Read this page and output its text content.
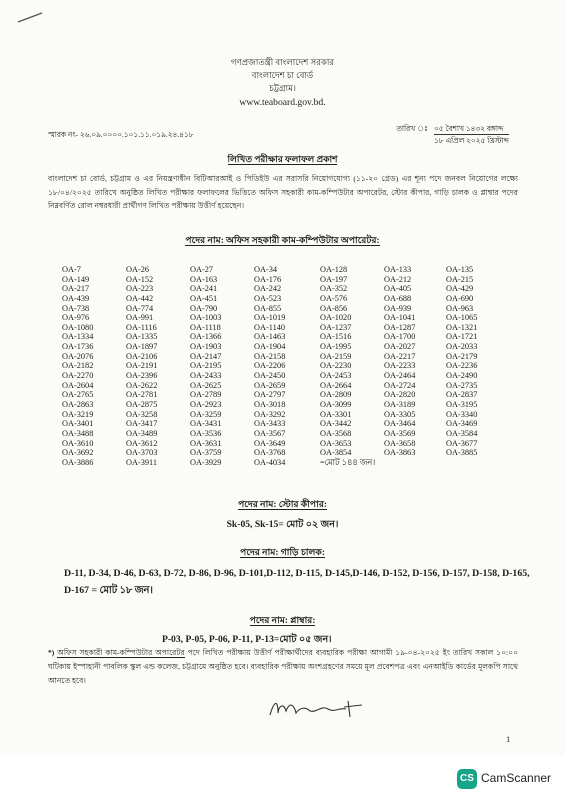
গণপ্রজাতন্ত্রী বাংলাদেশ সরকার
বাংলাদেশ চা বোর্ড
চট্টগ্রাম।
www.teaboard.gov.bd.
স্মারক নং- ২৬.০৯.০০০০.১০১.১১.০১৯.২৪.৪১৮
তারিখ ঃ ০৫ বৈশাখ ১৪৩২ বঙ্গাব্দ
১৮ এপ্রিল ২০২৫ খ্রিস্টাব্দ
লিখিত পরীক্ষার ফলাফল প্রকাশ
বাংলাদেশ চা বোর্ড, চট্টগ্রাম ও এর নিয়ন্ত্রণাধীন বিটিআরআই ও পিডিইউ এর সরাসরি নিয়োগযোগ্য (১১-২০ গ্রেড) এর শূন্য পদে জনবল নিয়োগের লক্ষ্যে ১৮/০৪/২০২৫ তারিখে অনুষ্ঠিত লিখিত পরীক্ষার ফলাফলের ভিত্তিতে অফিস সহকারী কাম-কম্পিউটার অপারেটর, স্টোর কীপার, গাড়ি চালক ও প্লাম্বার পদের নিম্নবর্ণিত রোল নম্বরধারী প্রার্থীগণ লিখিত পরীক্ষায় উত্তীর্ণ হয়েছেন।
পদের নাম: অফিস সহকারী কাম-কম্পিউটার অপারেটর:
OA-7
OA-149
OA-217
OA-439
OA-738
OA-976
OA-1080
OA-1334
OA-1736
OA-2076
OA-2182
OA-2270
OA-2604
OA-2765
OA-2863
OA-3219
OA-3401
OA-3488
OA-3610
OA-3692
OA-3886
OA-26
OA-152
OA-223
OA-442
OA-774
OA-991
OA-1116
OA-1335
OA-1897
OA-2106
OA-2191
OA-2396
OA-2622
OA-2781
OA-2875
OA-3258
OA-3417
OA-3489
OA-3612
OA-3703
OA-3911
OA-27
OA-163
OA-241
OA-451
OA-790
OA-1003
OA-1118
OA-1366
OA-1903
OA-2147
OA-2195
OA-2433
OA-2625
OA-2789
OA-2923
OA-3259
OA-3431
OA-3536
OA-3631
OA-3759
OA-3929
OA-34
OA-176
OA-242
OA-523
OA-855
OA-1019
OA-1140
OA-1463
OA-1904
OA-2158
OA-2206
OA-2450
OA-2659
OA-2797
OA-3018
OA-3292
OA-3433
OA-3567
OA-3649
OA-3768
OA-4034
OA-128
OA-197
OA-352
OA-576
OA-856
OA-1020
OA-1237
OA-1516
OA-1995
OA-2159
OA-2230
OA-2453
OA-2664
OA-2809
OA-3099
OA-3301
OA-3442
OA-3568
OA-3653
OA-3854
=মোট ১৪৪ জন।
OA-133
OA-212
OA-405
OA-688
OA-939
OA-1041
OA-1287
OA-1700
OA-2027
OA-2217
OA-2233
OA-2464
OA-2724
OA-2820
OA-3189
OA-3305
OA-3464
OA-3569
OA-3658
OA-3863
OA-135
OA-215
OA-429
OA-690
OA-963
OA-1065
OA-1321
OA-1721
OA-2033
OA-2179
OA-2236
OA-2490
OA-2735
OA-2837
OA-3195
OA-3340
OA-3469
OA-3584
OA-3677
OA-3885
পদের নাম: স্টোর কীপার:
Sk-05, Sk-15= মোট ০২ জন।
পদের নাম: গাড়ি চালক:
D-11, D-34, D-46, D-63, D-72, D-86, D-96, D-101,D-112, D-115, D-145,D-146, D-152, D-156, D-157, D-158, D-165, D-167 = মোট ১৮ জন।
পদের নাম: প্লাম্বার:
P-03, P-05, P-06, P-11, P-13=মোট ০৫ জন।
*) অফিস সহকারী কাম-কম্পিউটার অপারেটর পদে লিখিত পরীক্ষায় উত্তীর্ণ পরীক্ষার্থীদের ব্যবহারিক পরীক্ষা আগামী ১৯-০৪-২০২৫ ইং তারিখ সকাল ১০:০০ ঘটিকায় ইস্পাহানী পাবলিক স্কুল এন্ড কলেজ, চট্টগ্রামে অনুষ্ঠিত হবে। ব্যবহারিক পরীক্ষায় অংশগ্রহণের সময়ে মূল প্রবেশপত্র এবং এনআইডি কার্ডের মূলকপি সাথে আনতে হবে।
1
CS CamScanner
